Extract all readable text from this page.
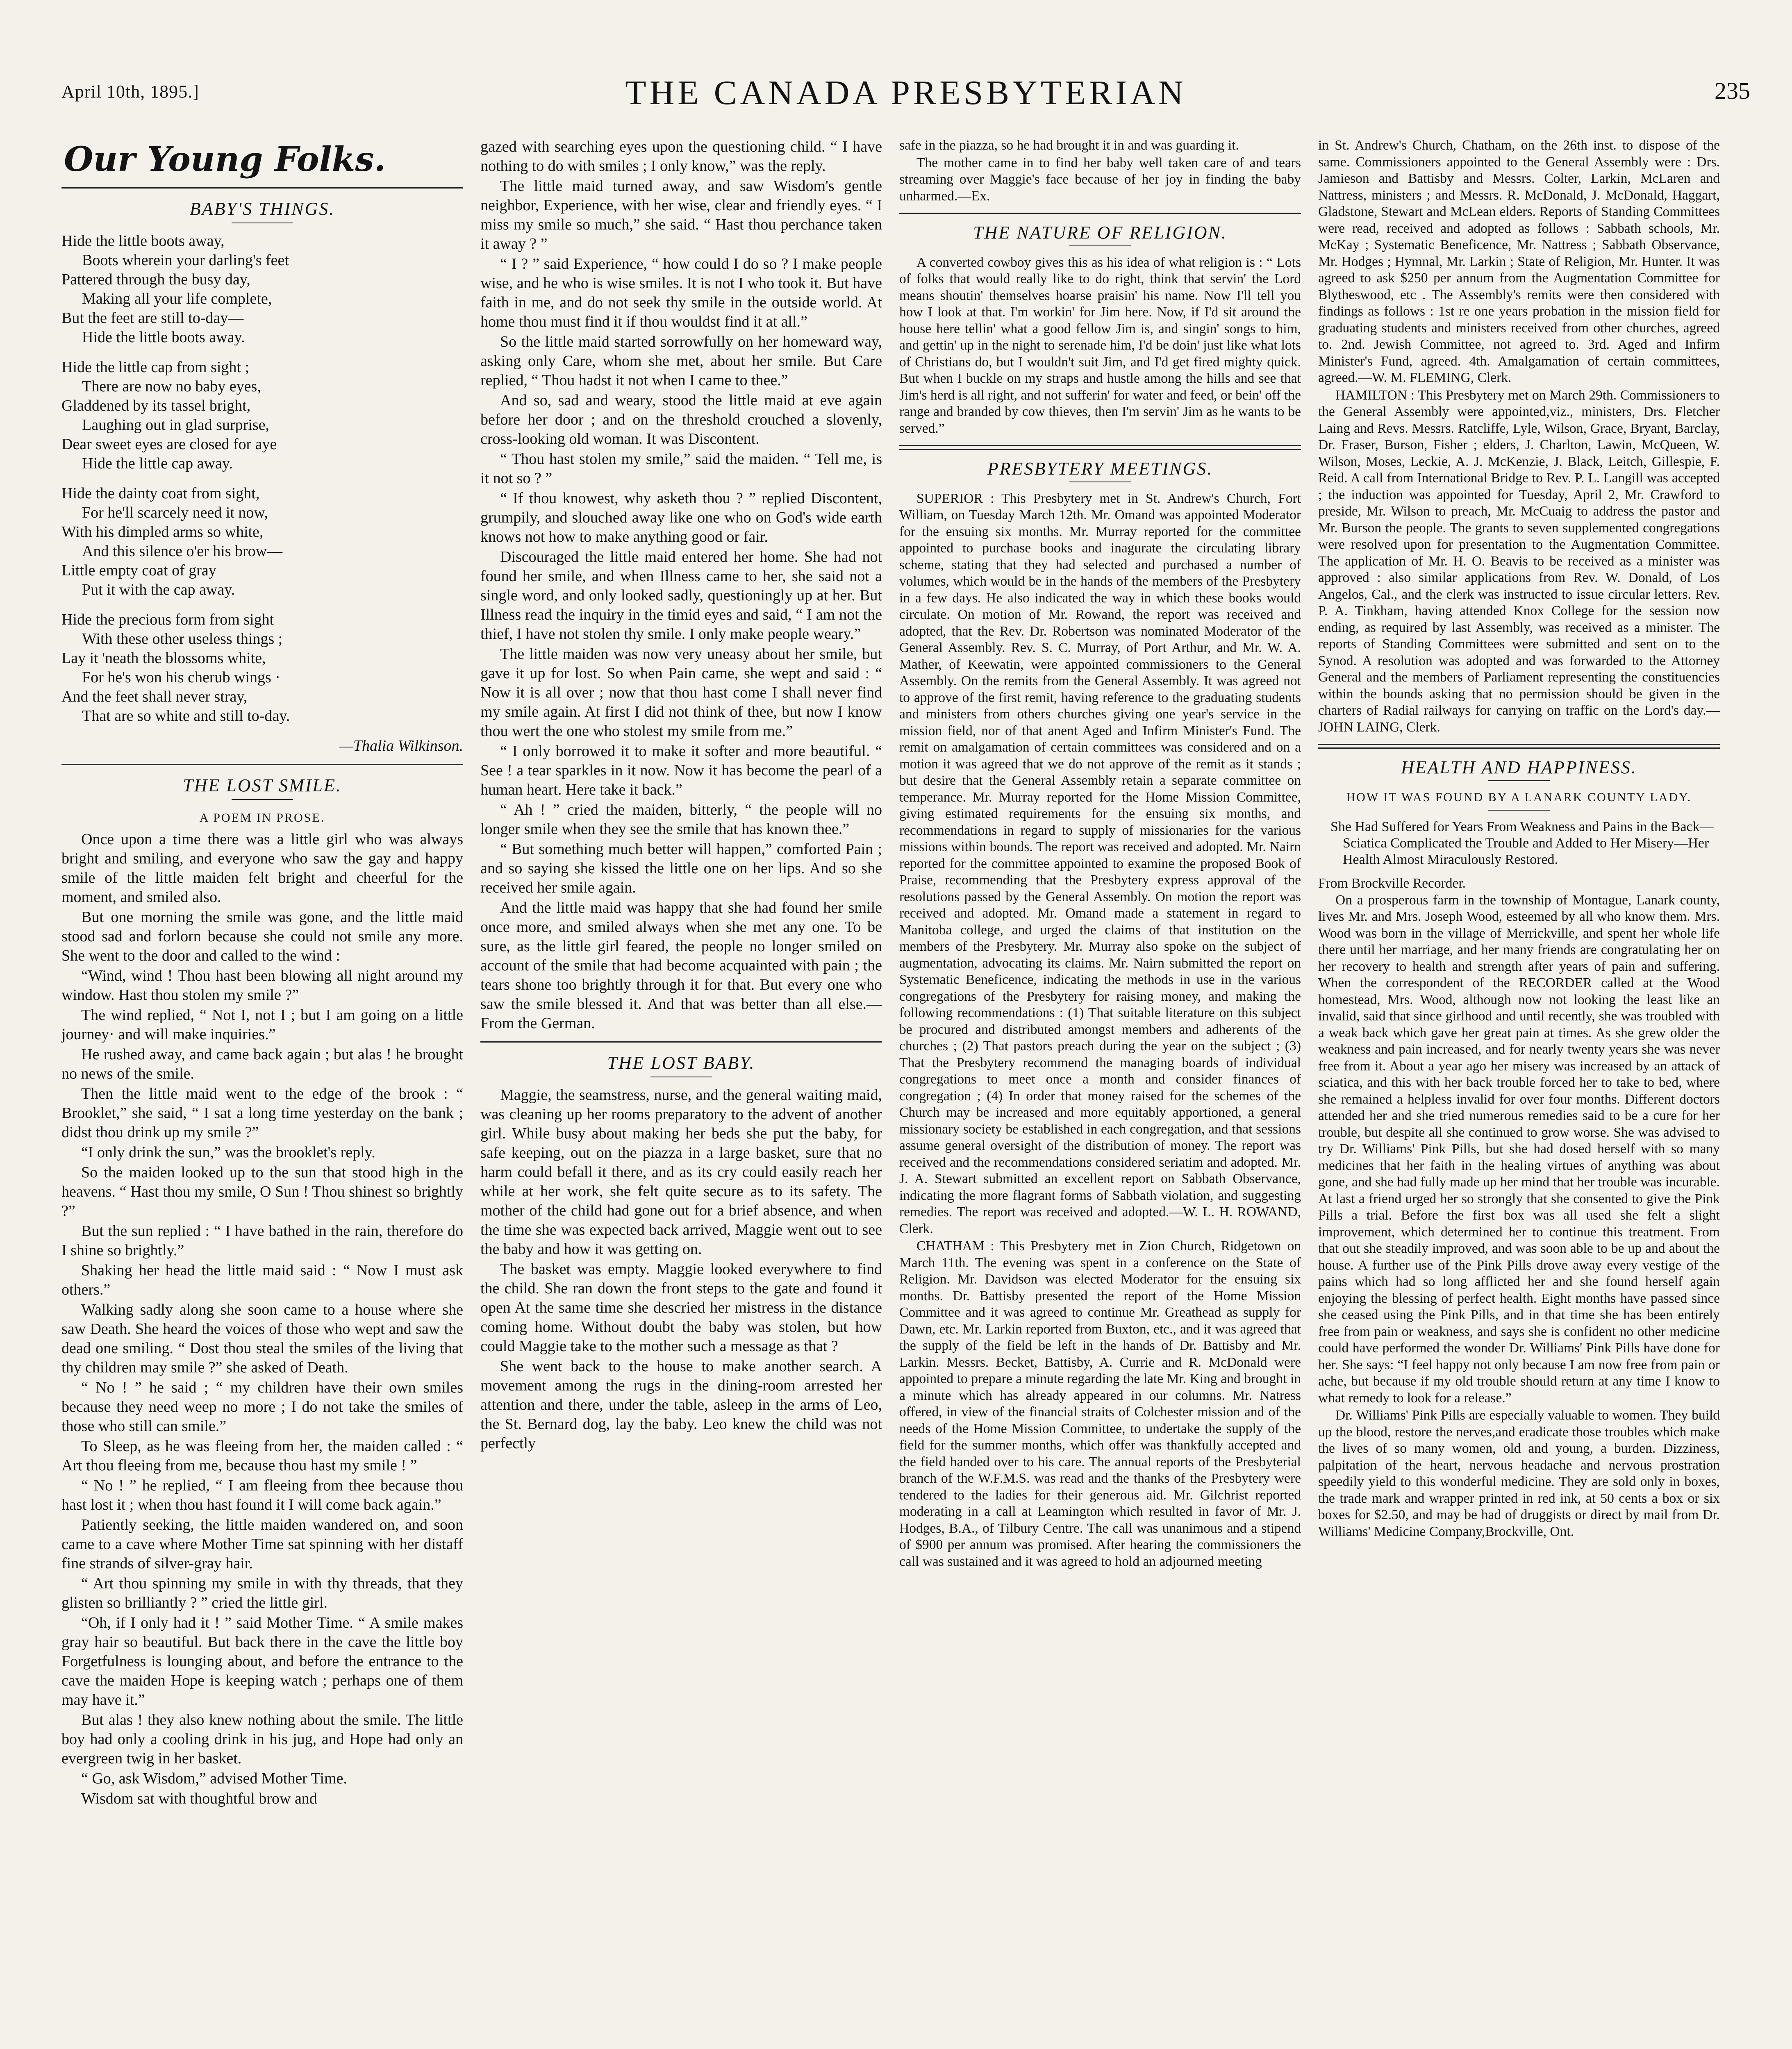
April 10th, 1895.]	THE CANADA PRESBYTERIAN	235
Our Young Folks.
BABY'S THINGS.

Hide the little boots away,

Boots wherein your darling's feet

Pattered through the busy day,

Making all your life complete,

But the feet are still to-day—

Hide the little boots away.

Hide the little cap from sight ;

There are now no baby eyes,

Gladdened by its tassel bright,

Laughing out in glad surprise,

Dear sweet eyes are closed for aye

Hide the little cap away.

Hide the dainty coat from sight,

For he'll scarcely need it now,

With his dimpled arms so white,

And this silence o'er his brow—

Little empty coat of gray

Put it with the cap away.

Hide the precious form from sight

With these other useless things ;

Lay it 'neath the blossoms white,

For he's won his cherub wings ·

And the feet shall never stray,

That are so white and still to-day.

—Thalia Wilkinson.
THE LOST SMILE.
A POEM IN PROSE.

Once upon a time there was a little girl who was always bright and smiling, and everyone who saw the gay and happy smile of the little maiden felt bright and cheerful for the moment, and smiled also.

But one morning the smile was gone, and the little maid stood sad and forlorn because she could not smile any more. She went to the door and called to the wind :

“Wind, wind ! Thou hast been blowing all night around my window. Hast thou stolen my smile ?”

The wind replied, “ Not I, not I ; but I am going on a little journey· and will make inquiries.”

He rushed away, and came back again ; but alas ! he brought no news of the smile.

Then the little maid went to the edge of the brook : “ Brooklet,” she said, “ I sat a long time yesterday on the bank ; didst thou drink up my smile ?”

“I only drink the sun,” was the brooklet's reply.

So the maiden looked up to the sun that stood high in the heavens. “ Hast thou my smile, O Sun ! Thou shinest so brightly ?”

But the sun replied : “ I have bathed in the rain, therefore do I shine so brightly.”

Shaking her head the little maid said : “ Now I must ask others.”

Walking sadly along she soon came to a house where she saw Death. She heard the voices of those who wept and saw the dead one smiling. “ Dost thou steal the smiles of the living that thy children may smile ?” she asked of Death.

“ No ! ” he said ; “ my children have their own smiles because they need weep no more ; I do not take the smiles of those who still can smile.”

To Sleep, as he was fleeing from her, the maiden called : “ Art thou fleeing from me, because thou hast my smile ! ”

“ No ! ” he replied, “ I am fleeing from thee because thou hast lost it ; when thou hast found it I will come back again.”

Patiently seeking, the little maiden wandered on, and soon came to a cave where Mother Time sat spinning with her distaff fine strands of silver-gray hair.

“ Art thou spinning my smile in with thy threads, that they glisten so brilliantly ? ” cried the little girl.

“Oh, if I only had it ! ” said Mother Time. “ A smile makes gray hair so beautiful. But back there in the cave the little boy Forgetfulness is lounging about, and before the entrance to the cave the maiden Hope is keeping watch ; perhaps one of them may have it.”

But alas ! they also knew nothing about the smile. The little boy had only a cooling drink in his jug, and Hope had only an evergreen twig in her basket.

“ Go, ask Wisdom,” advised Mother Time.

Wisdom sat with thoughtful brow and

gazed with searching eyes upon the questioning child. “ I have nothing to do with smiles ; I only know,” was the reply.

The little maid turned away, and saw Wisdom's gentle neighbor, Experience, with her wise, clear and friendly eyes. “ I miss my smile so much,” she said. “ Hast thou perchance taken it away ? ”

“ I ? ” said Experience, “ how could I do so ? I make people wise, and he who is wise smiles. It is not I who took it. But have faith in me, and do not seek thy smile in the outside world. At home thou must find it if thou wouldst find it at all.”

So the little maid started sorrowfully on her homeward way, asking only Care, whom she met, about her smile. But Care replied, “ Thou hadst it not when I came to thee.”

And so, sad and weary, stood the little maid at eve again before her door ; and on the threshold crouched a slovenly, cross-looking old woman. It was Discontent.

“ Thou hast stolen my smile,” said the maiden. “ Tell me, is it not so ? ”

“ If thou knowest, why asketh thou ? ” replied Discontent, grumpily, and slouched away like one who on God's wide earth knows not how to make anything good or fair.

Discouraged the little maid entered her home. She had not found her smile, and when Illness came to her, she said not a single word, and only looked sadly, questioningly up at her. But Illness read the inquiry in the timid eyes and said, “ I am not the thief, I have not stolen thy smile. I only make people weary.”

The little maiden was now very uneasy about her smile, but gave it up for lost. So when Pain came, she wept and said : “ Now it is all over ; now that thou hast come I shall never find my smile again. At first I did not think of thee, but now I know thou wert the one who stolest my smile from me.”

“ I only borrowed it to make it softer and more beautiful. “ See ! a tear sparkles in it now. Now it has become the pearl of a human heart. Here take it back.”

“ Ah ! ” cried the maiden, bitterly, “ the people will no longer smile when they see the smile that has known thee.”

“ But something much better will happen,” comforted Pain ; and so saying she kissed the little one on her lips. And so she received her smile again.

And the little maid was happy that she had found her smile once more, and smiled always when she met any one. To be sure, as the little girl feared, the people no longer smiled on account of the smile that had become acquainted with pain ; the tears shone too brightly through it for that. But every one who saw the smile blessed it. And that was better than all else.—From the German.

THE LOST BABY.

Maggie, the seamstress, nurse, and the general waiting maid, was cleaning up her rooms preparatory to the advent of another girl. While busy about making her beds she put the baby, for safe keeping, out on the piazza in a large basket, sure that no harm could befall it there, and as its cry could easily reach her while at her work, she felt quite secure as to its safety. The mother of the child had gone out for a brief absence, and when the time she was expected back arrived, Maggie went out to see the baby and how it was getting on.

The basket was empty. Maggie looked everywhere to find the child. She ran down the front steps to the gate and found it open At the same time she descried her mistress in the distance coming home. Without doubt the baby was stolen, but how could Maggie take to the mother such a message as that ?

She went back to the house to make another search. A movement among the rugs in the dining-room arrested her attention and there, under the table, asleep in the arms of Leo, the St. Bernard dog, lay the baby. Leo knew the child was not perfectly

safe in the piazza, so he had brought it in and was guarding it.

The mother came in to find her baby well taken care of and tears streaming over Maggie's face because of her joy in finding the baby unharmed.—Ex.

THE NATURE OF RELIGION.

A converted cowboy gives this as his idea of what religion is : “ Lots of folks that would really like to do right, think that servin' the Lord means shoutin' themselves hoarse praisin' his name. Now I'll tell you how I look at that. I'm workin' for Jim here. Now, if I'd sit around the house here tellin' what a good fellow Jim is, and singin' songs to him, and gettin' up in the night to serenade him, I'd be doin' just like what lots of Christians do, but I wouldn't suit Jim, and I'd get fired mighty quick. But when I buckle on my straps and hustle among the hills and see that Jim's herd is all right, and not sufferin' for water and feed, or bein' off the range and branded by cow thieves, then I'm servin' Jim as he wants to be served.”

PRESBYTERY MEETINGS.

SUPERIOR : This Presbytery met in St. Andrew's Church, Fort William, on Tuesday March 12th. Mr. Omand was appointed Moderator for the ensuing six months. Mr. Murray reported for the committee appointed to purchase books and inagurate the circulating library scheme, stating that they had selected and purchased a number of volumes, which would be in the hands of the members of the Presbytery in a few days. He also indicated the way in which these books would circulate. On motion of Mr. Rowand, the report was received and adopted, that the Rev. Dr. Robertson was nominated Moderator of the General Assembly. Rev. S. C. Murray, of Port Arthur, and Mr. W. A. Mather, of Keewatin, were appointed commissioners to the General Assembly. On the remits from the General Assembly. It was agreed not to approve of the first remit, having reference to the graduating students and ministers from others churches giving one year's service in the mission field, nor of that anent Aged and Infirm Minister's Fund. The remit on amalgamation of certain committees was considered and on a motion it was agreed that we do not approve of the remit as it stands ; but desire that the General Assembly retain a separate committee on temperance. Mr. Murray reported for the Home Mission Committee, giving estimated requirements for the ensuing six months, and recommendations in regard to supply of missionaries for the various missions within bounds. The report was received and adopted. Mr. Nairn reported for the committee appointed to examine the proposed Book of Praise, recommending that the Presbytery express approval of the resolutions passed by the General Assembly. On motion the report was received and adopted. Mr. Omand made a statement in regard to Manitoba college, and urged the claims of that institution on the members of the Presbytery. Mr. Murray also spoke on the subject of augmentation, advocating its claims. Mr. Nairn submitted the report on Systematic Beneficence, indicating the methods in use in the various congregations of the Presbytery for raising money, and making the following recommendations : (1) That suitable literature on this subject be procured and distributed amongst members and adherents of the churches ; (2) That pastors preach during the year on the subject ; (3) That the Presbytery recommend the managing boards of individual congregations to meet once a month and consider finances of congregation ; (4) In order that money raised for the schemes of the Church may be increased and more equitably apportioned, a general missionary society be established in each congregation, and that sessions assume general oversight of the distribution of money. The report was received and the recommendations considered seriatim and adopted. Mr. J. A. Stewart submitted an excellent report on Sabbath Observance, indicating the more flagrant forms of Sabbath violation, and suggesting remedies. The report was received and adopted.—W. L. H. ROWAND, Clerk.

CHATHAM : This Presbytery met in Zion Church, Ridgetown on March 11th. The evening was spent in a conference on the State of Religion. Mr. Davidson was elected Moderator for the ensuing six months. Dr. Battisby presented the report of the Home Mission Committee and it was agreed to continue Mr. Greathead as supply for Dawn, etc. Mr. Larkin reported from Buxton, etc., and it was agreed that the supply of the field be left in the hands of Dr. Battisby and Mr. Larkin. Messrs. Becket, Battisby, A. Currie and R. McDonald were appointed to prepare a minute regarding the late Mr. King and brought in a minute which has already appeared in our columns. Mr. Natress offered, in view of the financial straits of Colchester mission and of the needs of the Home Mission Committee, to undertake the supply of the field for the summer months, which offer was thankfully accepted and the field handed over to his care. The annual reports of the Presbyterial branch of the W.F.M.S. was read and the thanks of the Presbytery were tendered to the ladies for their generous aid. Mr. Gilchrist reported moderating in a call at Leamington which resulted in favor of Mr. J. Hodges, B.A., of Tilbury Centre. The call was unanimous and a stipend of $900 per annum was promised. After hearing the commissioners the call was sustained and it was agreed to hold an adjourned meeting

in St. Andrew's Church, Chatham, on the 26th inst. to dispose of the same. Commissioners appointed to the General Assembly were : Drs. Jamieson and Battisby and Messrs. Colter, Larkin, McLaren and Nattress, ministers ; and Messrs. R. McDonald, J. McDonald, Haggart, Gladstone, Stewart and McLean elders. Reports of Standing Committees were read, received and adopted as follows : Sabbath schools, Mr. McKay ; Systematic Beneficence, Mr. Nattress ; Sabbath Observance, Mr. Hodges ; Hymnal, Mr. Larkin ; State of Religion, Mr. Hunter. It was agreed to ask $250 per annum from the Augmentation Committee for Blytheswood, etc . The Assembly's remits were then considered with findings as follows : 1st re one years probation in the mission field for graduating students and ministers received from other churches, agreed to. 2nd. Jewish Committee, not agreed to. 3rd. Aged and Infirm Minister's Fund, agreed. 4th. Amalgamation of certain committees, agreed.—W. M. FLEMING, Clerk.

HAMILTON : This Presbytery met on March 29th. Commissioners to the General Assembly were appointed,viz., ministers, Drs. Fletcher Laing and Revs. Messrs. Ratcliffe, Lyle, Wilson, Grace, Bryant, Barclay, Dr. Fraser, Burson, Fisher ; elders, J. Charlton, Lawin, McQueen, W. Wilson, Moses, Leckie, A. J. McKenzie, J. Black, Leitch, Gillespie, F. Reid. A call from International Bridge to Rev. P. L. Langill was accepted ; the induction was appointed for Tuesday, April 2, Mr. Crawford to preside, Mr. Wilson to preach, Mr. McCuaig to address the pastor and Mr. Burson the people. The grants to seven supplemented congregations were resolved upon for presentation to the Augmentation Committee. The application of Mr. H. O. Beavis to be received as a minister was approved : also similar applications from Rev. W. Donald, of Los Angelos, Cal., and the clerk was instructed to issue circular letters. Rev. P. A. Tinkham, having attended Knox College for the session now ending, as required by last Assembly, was received as a minister. The reports of Standing Committees were submitted and sent on to the Synod. A resolution was adopted and was forwarded to the Attorney General and the members of Parliament representing the constituencies within the bounds asking that no permission should be given in the charters of Radial railways for carrying on traffic on the Lord's day.—JOHN LAING, Clerk.

HEALTH AND HAPPINESS.
HOW IT WAS FOUND BY A LANARK COUNTY LADY.
She Had Suffered for Years From Weakness and Pains in the Back—Sciatica Complicated the Trouble and Added to Her Misery—Her Health Almost Miraculously Restored.
From Brockville Recorder.

On a prosperous farm in the township of Montague, Lanark county, lives Mr. and Mrs. Joseph Wood, esteemed by all who know them. Mrs. Wood was born in the village of Merrickville, and spent her whole life there until her marriage, and her many friends are congratulating her on her recovery to health and strength after years of pain and suffering. When the correspondent of the RECORDER called at the Wood homestead, Mrs. Wood, although now not looking the least like an invalid, said that since girlhood and until recently, she was troubled with a weak back which gave her great pain at times. As she grew older the weakness and pain increased, and for nearly twenty years she was never free from it. About a year ago her misery was increased by an attack of sciatica, and this with her back trouble forced her to take to bed, where she remained a helpless invalid for over four months. Different doctors attended her and she tried numerous remedies said to be a cure for her trouble, but despite all she continued to grow worse. She was advised to try Dr. Williams' Pink Pills, but she had dosed herself with so many medicines that her faith in the healing virtues of anything was about gone, and she had fully made up her mind that her trouble was incurable. At last a friend urged her so strongly that she consented to give the Pink Pills a trial. Before the first box was all used she felt a slight improvement, which determined her to continue this treatment. From that out she steadily improved, and was soon able to be up and about the house. A further use of the Pink Pills drove away every vestige of the pains which had so long afflicted her and she found herself again enjoying the blessing of perfect health. Eight months have passed since she ceased using the Pink Pills, and in that time she has been entirely free from pain or weakness, and says she is confident no other medicine could have performed the wonder Dr. Williams' Pink Pills have done for her. She says: “I feel happy not only because I am now free from pain or ache, but because if my old trouble should return at any time I know to what remedy to look for a release.”

Dr. Williams' Pink Pills are especially valuable to women. They build up the blood, restore the nerves,and eradicate those troubles which make the lives of so many women, old and young, a burden. Dizziness, palpitation of the heart, nervous headache and nervous prostration speedily yield to this wonderful medicine. They are sold only in boxes, the trade mark and wrapper printed in red ink, at 50 cents a box or six boxes for $2.50, and may be had of druggists or direct by mail from Dr. Williams' Medicine Company,Brockville, Ont.
